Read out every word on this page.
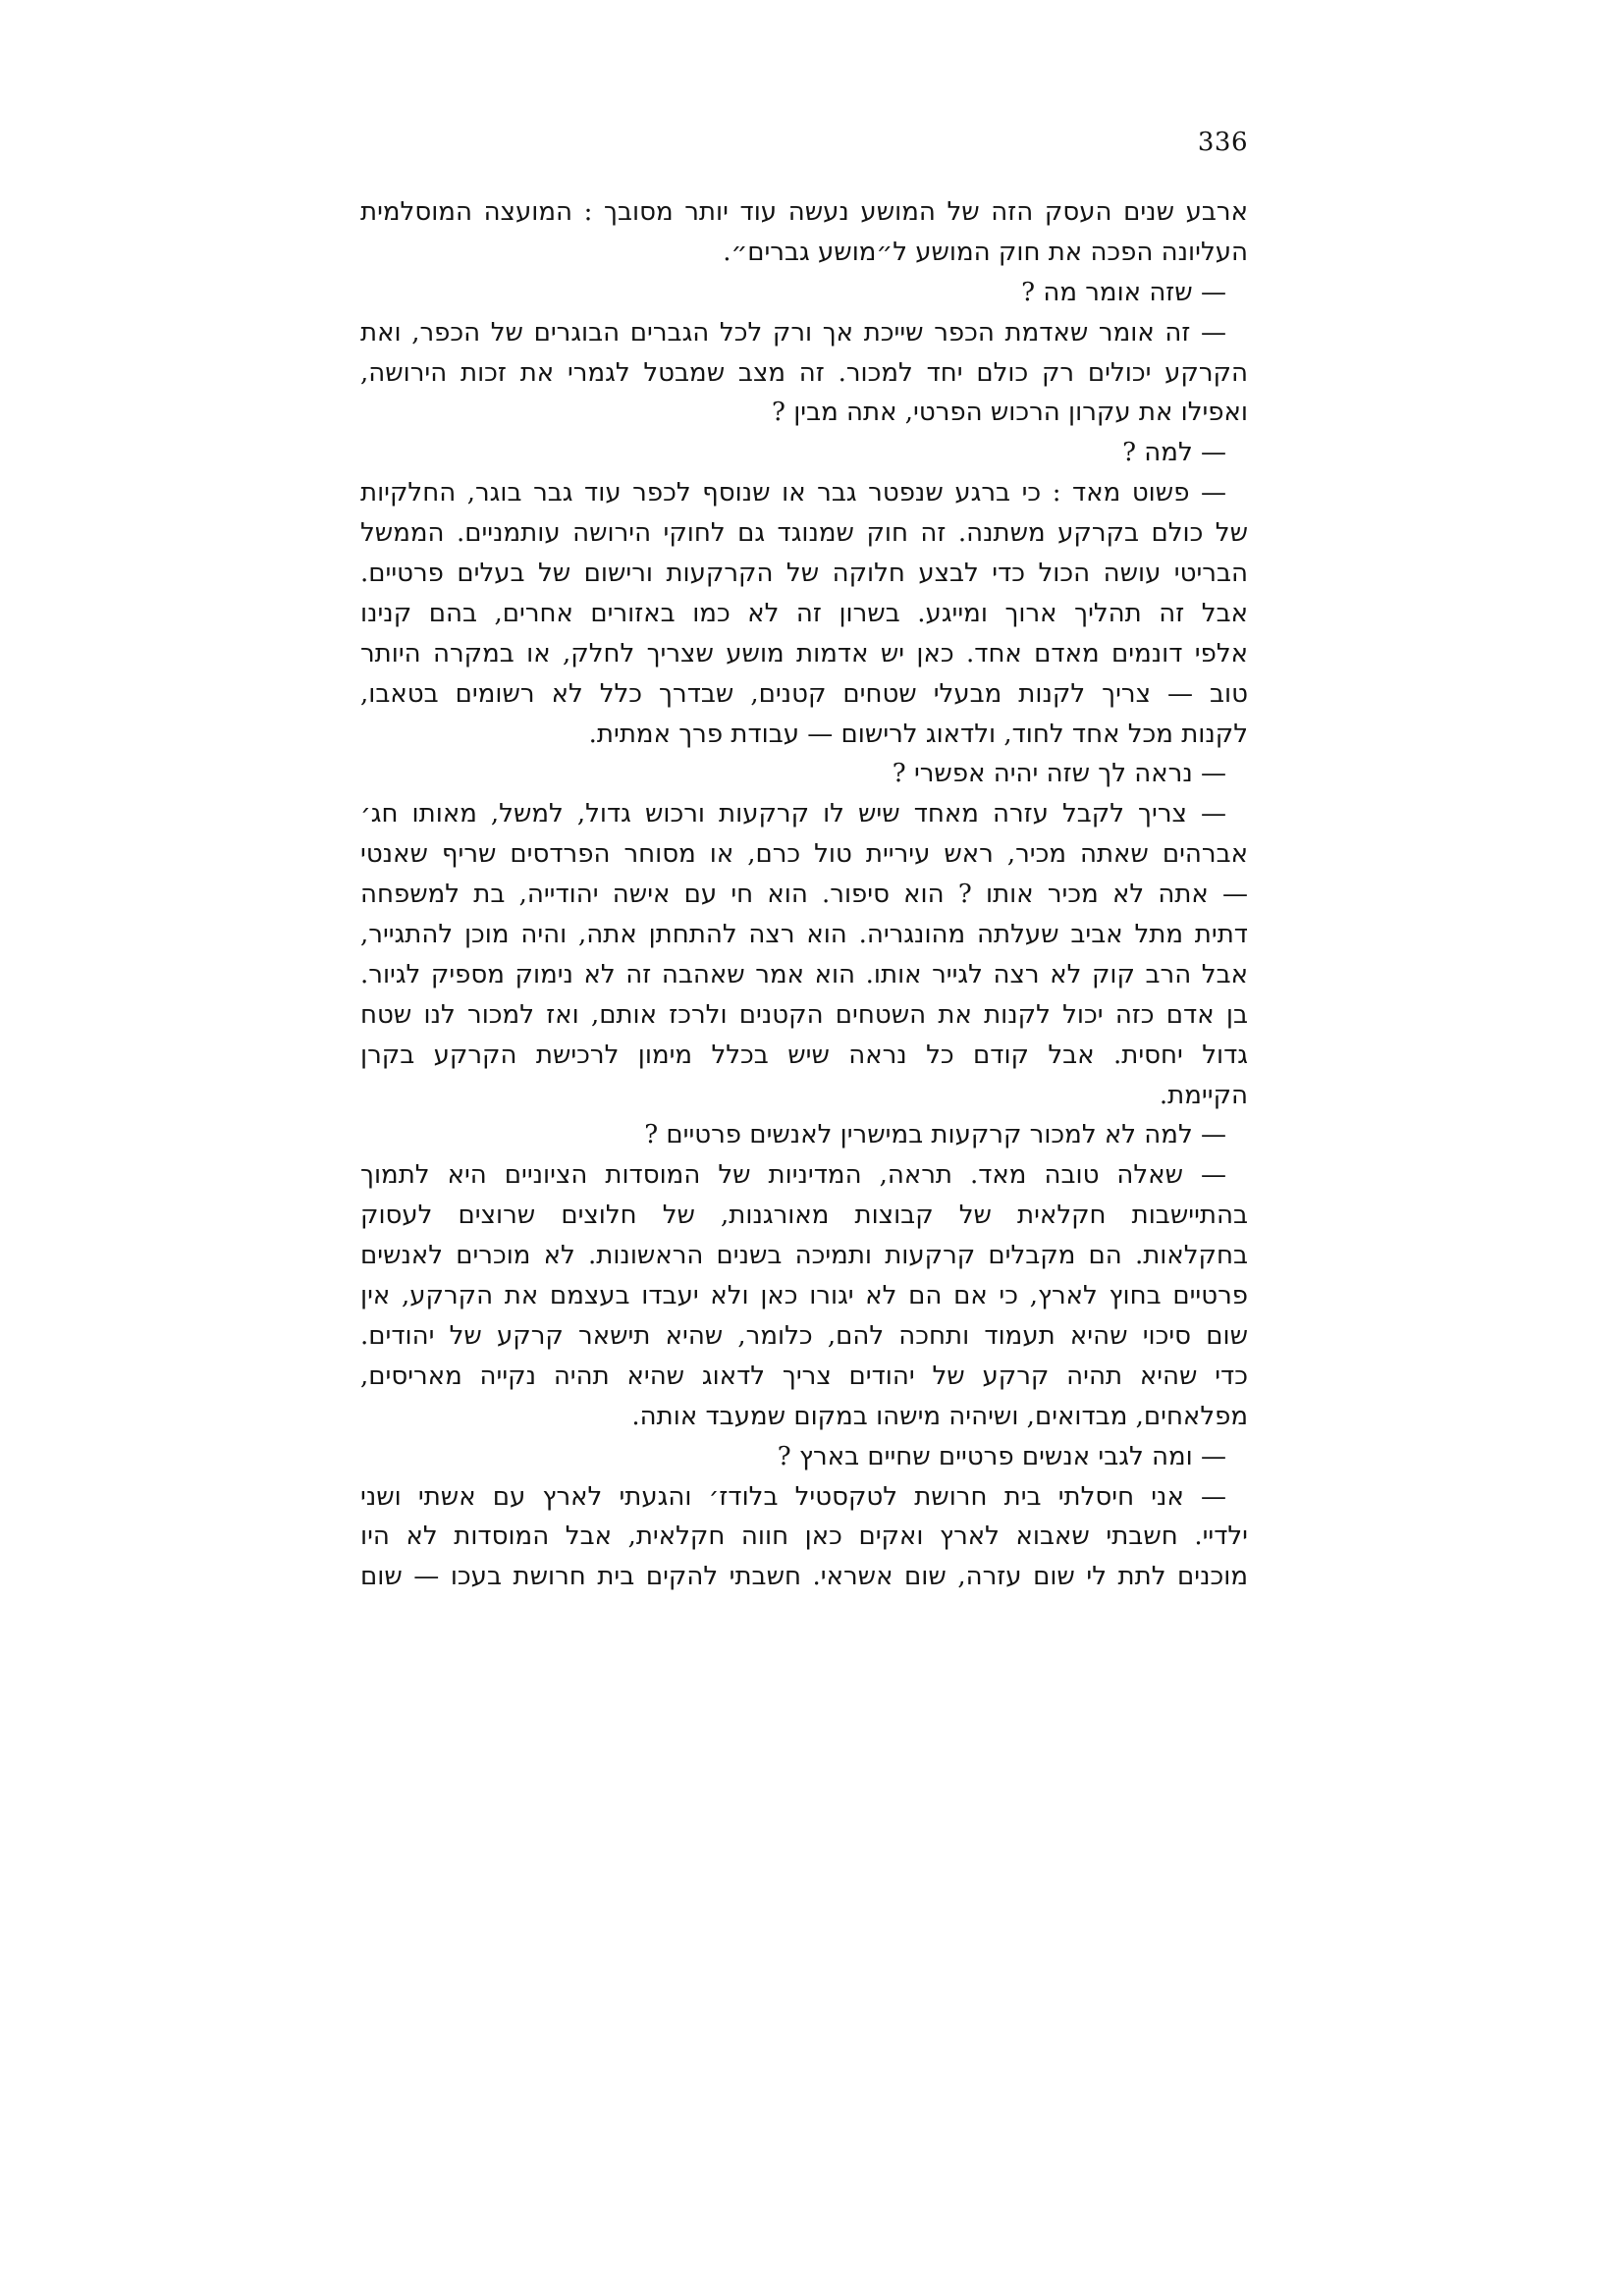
336
ארבע שנים העסק הזה של המושע נעשה עוד יותר מסובך : המועצה המוסלמית
העליונה הפכה את חוק המושע ל״מושע גברים״.
— שזה אומר מה ?
— זה אומר שאדמת הכפר שייכת אך ורק לכל הגברים הבוגרים של הכפר, ואת
הקרקע יכולים רק כולם יחד למכור. זה מצב שמבטל לגמרי את זכות הירושה,
ואפילו את עקרון הרכוש הפרטי, אתה מבין ?
— למה ?
— פשוט מאד : כי ברגע שנפטר גבר או שנוסף לכפר עוד גבר בוגר, החלקיות
של כולם בקרקע משתנה. זה חוק שמנוגד גם לחוקי הירושה עותמניים. הממשל
הבריטי עושה הכול כדי לבצע חלוקה של הקרקעות ורישום של בעלים פרטיים.
אבל זה תהליך ארוך ומייגע. בשרון זה לא כמו באזורים אחרים, בהם קנינו
אלפי דונמים מאדם אחד. כאן יש אדמות מושע שצריך לחלק, או במקרה היותר
טוב — צריך לקנות מבעלי שטחים קטנים, שבדרך כלל לא רשומים בטאבו,
לקנות מכל אחד לחוד, ולדאוג לרישום — עבודת פרך אמתית.
— נראה לך שזה יהיה אפשרי ?
— צריך לקבל עזרה מאחד שיש לו קרקעות ורכוש גדול, למשל, מאותו חג׳
אברהים שאתה מכיר, ראש עיריית טול כרם, או מסוחר הפרדסים שריף שאנטי
— אתה לא מכיר אותו ? הוא סיפור. הוא חי עם אישה יהודייה, בת למשפחה
דתית מתל אביב שעלתה מהונגריה. הוא רצה להתחתן אתה, והיה מוכן להתגייר,
אבל הרב קוק לא רצה לגייר אותו. הוא אמר שאהבה זה לא נימוק מספיק לגיור.
בן אדם כזה יכול לקנות את השטחים הקטנים ולרכז אותם, ואז למכור לנו שטח
גדול יחסית. אבל קודם כל נראה שיש בכלל מימון לרכישת הקרקע בקרן
הקיימת.
— למה לא למכור קרקעות במישרין לאנשים פרטיים ?
— שאלה טובה מאד. תראה, המדיניות של המוסדות הציוניים היא לתמוך
בהתיישבות חקלאית של קבוצות מאורגנות, של חלוצים שרוצים לעסוק
בחקלאות. הם מקבלים קרקעות ותמיכה בשנים הראשונות. לא מוכרים לאנשים
פרטיים בחוץ לארץ, כי אם הם לא יגורו כאן ולא יעבדו בעצמם את הקרקע, אין
שום סיכוי שהיא תעמוד ותחכה להם, כלומר, שהיא תישאר קרקע של יהודים.
כדי שהיא תהיה קרקע של יהודים צריך לדאוג שהיא תהיה נקייה מאריסים,
מפלאחים, מבדואים, ושיהיה מישהו במקום שמעבד אותה.
— ומה לגבי אנשים פרטיים שחיים בארץ ?
— אני חיסלתי בית חרושת לטקסטיל בלודז׳ והגעתי לארץ עם אשתי ושני
ילדיי. חשבתי שאבוא לארץ ואקים כאן חווה חקלאית, אבל המוסדות לא היו
מוכנים לתת לי שום עזרה, שום אשראי. חשבתי להקים בית חרושת בעכו — שום
